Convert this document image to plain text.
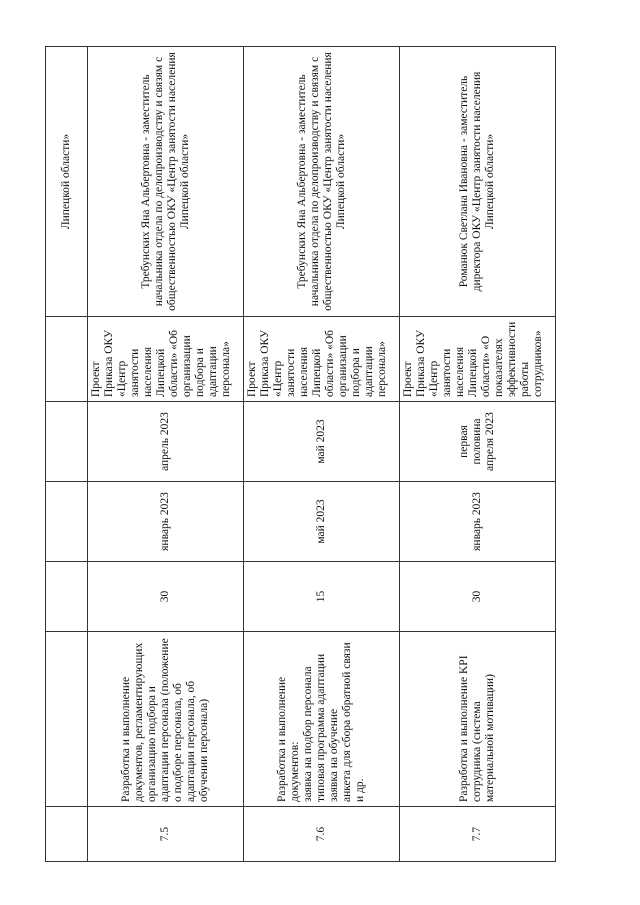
						Липецкой области»
7.5	Разработка и выполнение документов, регламентирующих организацию подбора и адаптации персонала (положение о подборе персонала, об адаптации персонала, об обучении персонала)	30	январь 2023	апрель 2023	Проект Приказа ОКУ «Центр занятости населения Липецкой области» «Об организации подбора и адаптации персонала»	Требунских Яна Альбертовна - заместитель начальника отдела по делопроизводству и связям с общественностью ОКУ «Центр занятости населения Липецкой области»
7.6	Разработка и выполнение документов: заявка на подбор персонала типовая программа адаптации заявка на обучение анкета для сбора обратной связи и др.	15	май 2023	май 2023	Проект Приказа ОКУ «Центр занятости населения Липецкой области» «Об организации подбора и адаптации персонала»	Требунских Яна Альбертовна - заместитель начальника отдела по делопроизводству и связям с общественностью ОКУ «Центр занятости населения Липецкой области»
7.7	Разработка и выполнение KPI сотрудника (система материальной мотивации)	30	январь 2023	первая половина апреля 2023	Проект Приказа ОКУ «Центр занятости населения Липецкой области» «О показателях эффективности работы сотрудников»	Романюк Светлана Ивановна - заместитель директора ОКУ «Центр занятости населения Липецкой области»
